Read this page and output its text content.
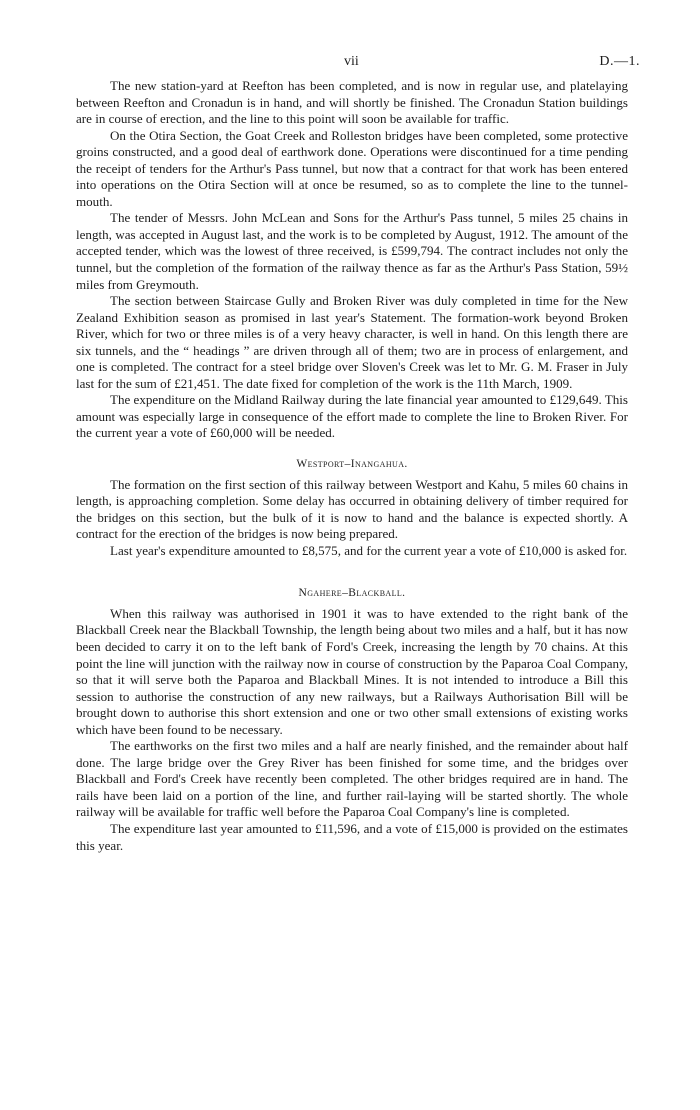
vii	D.—1.

The new station-yard at Reefton has been completed, and is now in regular use, and platelaying between Reefton and Cronadun is in hand, and will shortly be finished. The Cronadun Station buildings are in course of erection, and the line to this point will soon be available for traffic.

On the Otira Section, the Goat Creek and Rolleston bridges have been completed, some protective groins constructed, and a good deal of earthwork done. Operations were discontinued for a time pending the receipt of tenders for the Arthur's Pass tunnel, but now that a contract for that work has been entered into operations on the Otira Section will at once be resumed, so as to complete the line to the tunnel-mouth.

The tender of Messrs. John McLean and Sons for the Arthur's Pass tunnel, 5 miles 25 chains in length, was accepted in August last, and the work is to be completed by August, 1912. The amount of the accepted tender, which was the lowest of three received, is £599,794. The contract includes not only the tunnel, but the completion of the formation of the railway thence as far as the Arthur's Pass Station, 59½ miles from Greymouth.

The section between Staircase Gully and Broken River was duly completed in time for the New Zealand Exhibition season as promised in last year's Statement. The formation-work beyond Broken River, which for two or three miles is of a very heavy character, is well in hand. On this length there are six tunnels, and the “ headings ” are driven through all of them; two are in process of enlargement, and one is completed. The contract for a steel bridge over Sloven's Creek was let to Mr. G. M. Fraser in July last for the sum of £21,451. The date fixed for completion of the work is the 11th March, 1909.

The expenditure on the Midland Railway during the late financial year amounted to £129,649. This amount was especially large in consequence of the effort made to complete the line to Broken River. For the current year a vote of £60,000 will be needed.

Westport–Inangahua.

The formation on the first section of this railway between Westport and Kahu, 5 miles 60 chains in length, is approaching completion. Some delay has occurred in obtaining delivery of timber required for the bridges on this section, but the bulk of it is now to hand and the balance is expected shortly. A contract for the erection of the bridges is now being prepared.

Last year's expenditure amounted to £8,575, and for the current year a vote of £10,000 is asked for.

Ngahere–Blackball.

When this railway was authorised in 1901 it was to have extended to the right bank of the Blackball Creek near the Blackball Township, the length being about two miles and a half, but it has now been decided to carry it on to the left bank of Ford's Creek, increasing the length by 70 chains. At this point the line will junction with the railway now in course of construction by the Paparoa Coal Company, so that it will serve both the Paparoa and Blackball Mines. It is not intended to introduce a Bill this session to authorise the construction of any new railways, but a Railways Authorisation Bill will be brought down to authorise this short extension and one or two other small extensions of existing works which have been found to be necessary.

The earthworks on the first two miles and a half are nearly finished, and the remainder about half done. The large bridge over the Grey River has been finished for some time, and the bridges over Blackball and Ford's Creek have recently been completed. The other bridges required are in hand. The rails have been laid on a portion of the line, and further rail-laying will be started shortly. The whole railway will be available for traffic well before the Paparoa Coal Company's line is completed.

The expenditure last year amounted to £11,596, and a vote of £15,000 is provided on the estimates this year.
